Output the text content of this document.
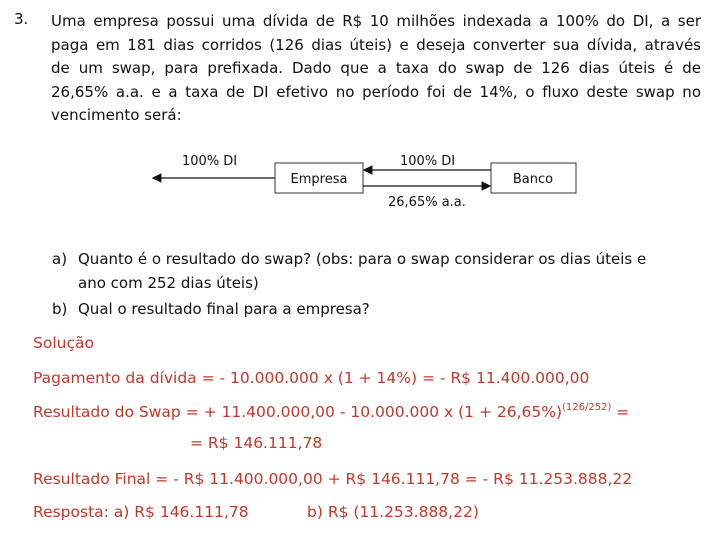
3. Uma empresa possui uma dívida de R$ 10 milhões indexada a 100% do DI, a ser
paga em 181 dias corridos (126 dias úteis) e deseja converter sua dívida, através
de um swap, para prefixada. Dado que a taxa do swap de 126 dias úteis é de
26,65% a.a. e a taxa de DI efetivo no período foi de 14%, o fluxo deste swap no
vencimento será:
100% DI
Empresa	Banco
100% DI
26,65% a.a.
a) Quanto é o resultado do swap? (obs: para o swap considerar os dias úteis e
ano com 252 dias úteis)
b) Qual o resultado final para a empresa?
Solução
Pagamento da dívida = - 10.000.000 x (1 + 14%) = - R$ 11.400.000,00
Resultado do Swap = + 11.400.000,00 - 10.000.000 x $(1 + 26,65\%)^{(126/252)}$ =
= R$ 146.111,78
Resultado Final = - R$ 11.400.000,00 + R$ 146.111,78 = - R$ 11.253.888,22
Resposta: a) R$ 146.111,78	b) R$ (11.253.888,22)
